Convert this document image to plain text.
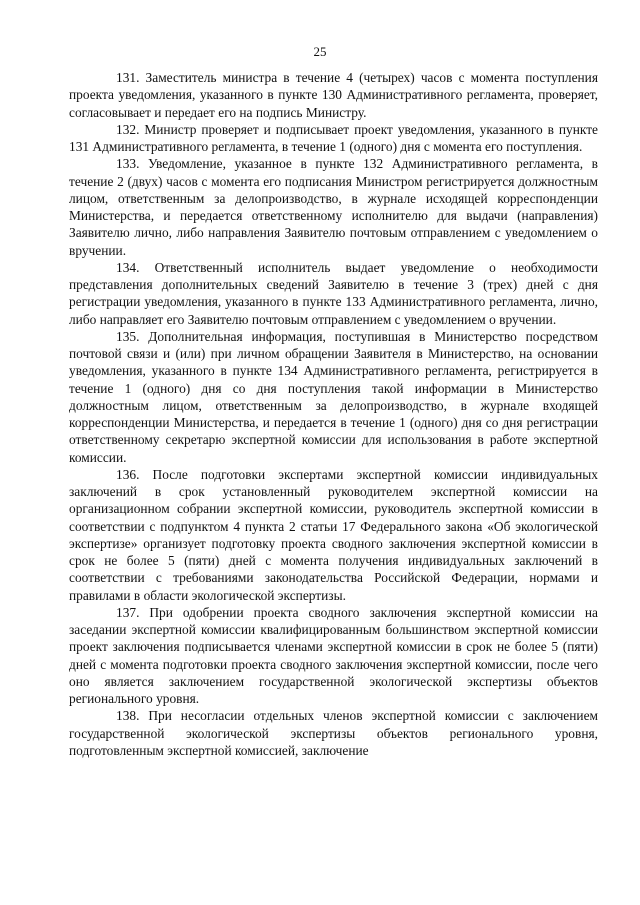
25

131. Заместитель министра в течение 4 (четырех) часов с момента поступления проекта уведомления, указанного в пункте 130 Административного регламента, проверяет, согласовывает и передает его на подпись Министру.

132. Министр проверяет и подписывает проект уведомления, указанного в пункте 131 Административного регламента, в течение 1 (одного) дня с момента его поступления.

133. Уведомление, указанное в пункте 132 Административного регламента, в течение 2 (двух) часов с момента его подписания Министром регистрируется должностным лицом, ответственным за делопроизводство, в журнале исходящей корреспонденции Министерства, и передается ответственному исполнителю для выдачи (направления) Заявителю лично, либо направления Заявителю почтовым отправлением с уведомлением о вручении.

134. Ответственный исполнитель выдает уведомление о необходимости представления дополнительных сведений Заявителю в течение 3 (трех) дней с дня регистрации уведомления, указанного в пункте 133 Административного регламента, лично, либо направляет его Заявителю почтовым отправлением с уведомлением о вручении.

135. Дополнительная информация, поступившая в Министерство посредством почтовой связи и (или) при личном обращении Заявителя в Министерство, на основании уведомления, указанного в пункте 134 Административного регламента, регистрируется в течение 1 (одного) дня со дня поступления такой информации в Министерство должностным лицом, ответственным за делопроизводство, в журнале входящей корреспонденции Министерства, и передается в течение 1 (одного) дня со дня регистрации ответственному секретарю экспертной комиссии для использования в работе экспертной комиссии.

136. После подготовки экспертами экспертной комиссии индивидуальных заключений в срок установленный руководителем экспертной комиссии на организационном собрании экспертной комиссии, руководитель экспертной комиссии в соответствии с подпунктом 4 пункта 2 статьи 17 Федерального закона «Об экологической экспертизе» организует подготовку проекта сводного заключения экспертной комиссии в срок не более 5 (пяти) дней с момента получения индивидуальных заключений в соответствии с требованиями законодательства Российской Федерации, нормами и правилами в области экологической экспертизы.

137. При одобрении проекта сводного заключения экспертной комиссии на заседании экспертной комиссии квалифицированным большинством экспертной комиссии проект заключения подписывается членами экспертной комиссии в срок не более 5 (пяти) дней с момента подготовки проекта сводного заключения экспертной комиссии, после чего оно является заключением государственной экологической экспертизы объектов регионального уровня.

138. При несогласии отдельных членов экспертной комиссии с заключением государственной экологической экспертизы объектов регионального уровня, подготовленным экспертной комиссией, заключение
